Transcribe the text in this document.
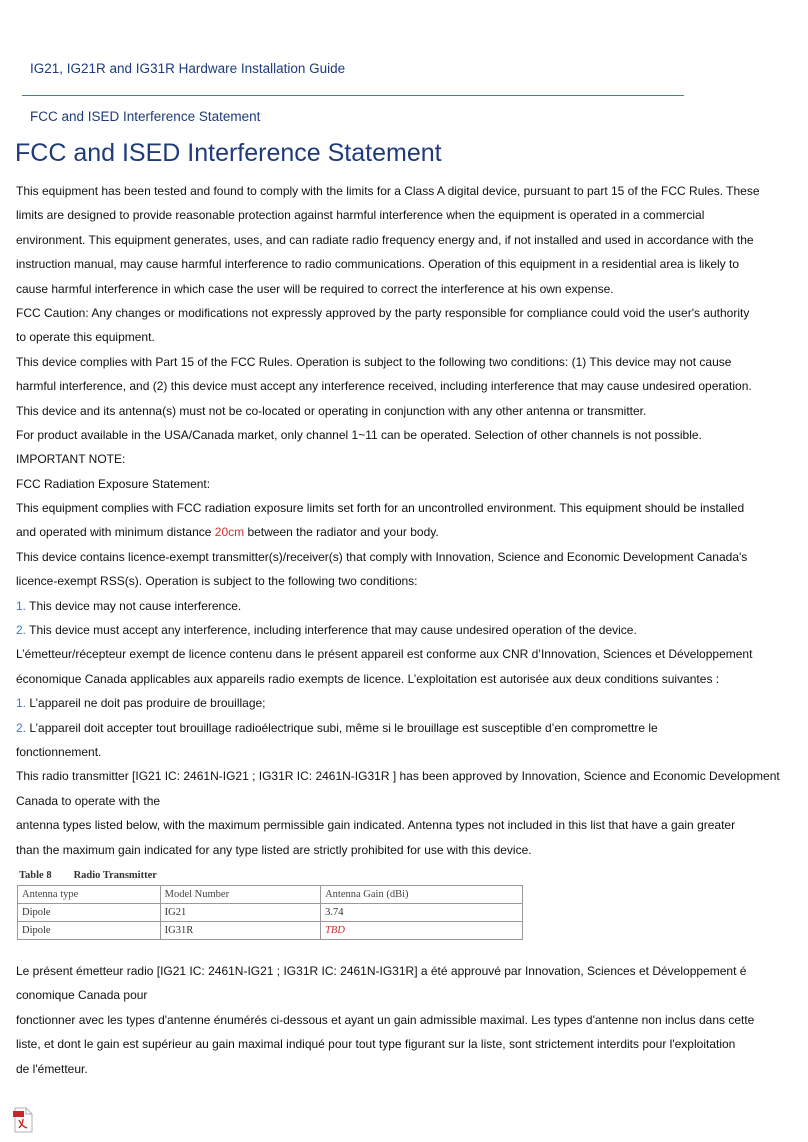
IG21, IG21R and IG31R Hardware Installation Guide
FCC and ISED Interference Statement
FCC and ISED Interference Statement
This equipment has been tested and found to comply with the limits for a Class A digital device, pursuant to part 15 of the FCC Rules. These
limits are designed to provide reasonable protection against harmful interference when the equipment is operated in a commercial
environment. This equipment generates, uses, and can radiate radio frequency energy and, if not installed and used in accordance with the
instruction manual, may cause harmful interference to radio communications. Operation of this equipment in a residential area is likely to
cause harmful interference in which case the user will be required to correct the interference at his own expense.
FCC Caution: Any changes or modifications not expressly approved by the party responsible for compliance could void the user's authority
to operate this equipment.
This device complies with Part 15 of the FCC Rules. Operation is subject to the following two conditions: (1) This device may not cause
harmful interference, and (2) this device must accept any interference received, including interference that may cause undesired operation.
This device and its antenna(s) must not be co-located or operating in conjunction with any other antenna or transmitter.
For product available in the USA/Canada market, only channel 1~11 can be operated. Selection of other channels is not possible.
IMPORTANT NOTE:
FCC Radiation Exposure Statement:
This equipment complies with FCC radiation exposure limits set forth for an uncontrolled environment. This equipment should be installed
and operated with minimum distance 20cm between the radiator and your body.
This device contains licence-exempt transmitter(s)/receiver(s) that comply with Innovation, Science and Economic Development Canada's
licence-exempt RSS(s). Operation is subject to the following two conditions:
1. This device may not cause interference.
2. This device must accept any interference, including interference that may cause undesired operation of the device.
L’émetteur/récepteur exempt de licence contenu dans le présent appareil est conforme aux CNR d’Innovation, Sciences et Développement
économique Canada applicables aux appareils radio exempts de licence. L’exploitation est autorisée aux deux conditions suivantes :
1. L’appareil ne doit pas produire de brouillage;
2. L’appareil doit accepter tout brouillage radioélectrique subi, même si le brouillage est susceptible d’en compromettre le
fonctionnement.
This radio transmitter [IG21 IC: 2461N-IG21 ; IG31R IC: 2461N-IG31R ] has been approved by Innovation, Science and Economic Development
Canada to operate with the
antenna types listed below, with the maximum permissible gain indicated. Antenna types not included in this list that have a gain greater
than the maximum gain indicated for any type listed are strictly prohibited for use with this device.
Table 8 Radio Transmitter
Antenna type	Model Number	Antenna Gain (dBi)
Dipole	IG21	3.74
Dipole	IG31R	TBD
Le présent émetteur radio [IG21 IC: 2461N-IG21 ; IG31R IC: 2461N-IG31R] a été approuvé par Innovation, Sciences et Développement é
conomique Canada pour
fonctionner avec les types d'antenne énumérés ci-dessous et ayant un gain admissible maximal. Les types d'antenne non inclus dans cette
liste, et dont le gain est supérieur au gain maximal indiqué pour tout type figurant sur la liste, sont strictement interdits pour l'exploitation
de l'émetteur.
